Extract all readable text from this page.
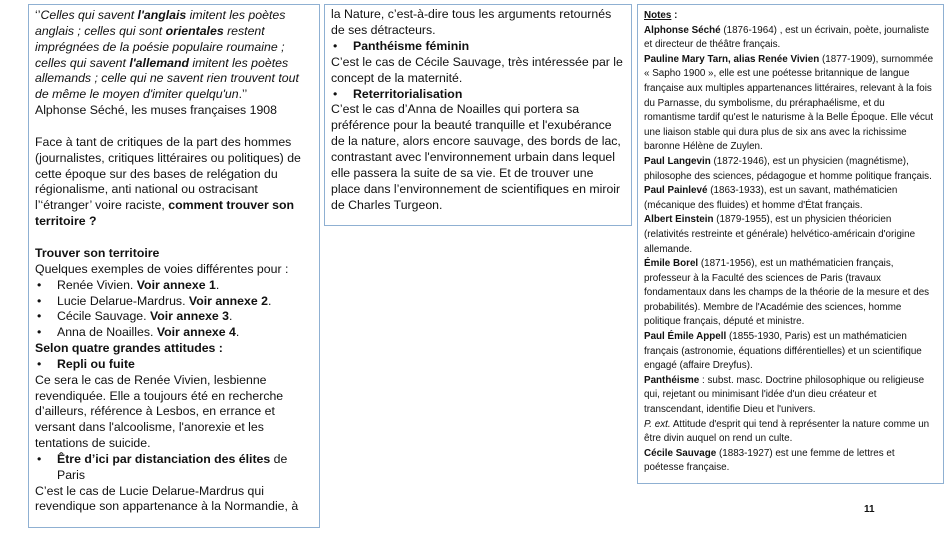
‘’Celles qui savent l'anglais imitent les poètes anglais ; celles qui sont orientales restent imprégnées de la poésie populaire roumaine ; celles qui savent l'allemand imitent les poètes allemands ; celle qui ne savent rien trouvent tout de même le moyen d'imiter quelqu'un.’’

Alphonse Séché, les muses françaises 1908

Face à tant de critiques de la part des hommes (journalistes, critiques littéraires ou politiques) de cette époque sur des bases de relégation du régionalisme, anti national ou ostracisant l’‘étranger’ voire raciste, comment trouver son territoire ?

Trouver son territoire

Quelques exemples de voies différentes pour :

• Renée Vivien. Voir annexe 1.

• Lucie Delarue-Mardrus. Voir annexe 2.

• Cécile Sauvage. Voir annexe 3.

• Anna de Noailles. Voir annexe 4.

Selon quatre grandes attitudes :

• Repli ou fuite

Ce sera le cas de Renée Vivien, lesbienne revendiquée. Elle a toujours été en recherche d’ailleurs, référence à Lesbos, en errance et versant dans l'alcoolisme, l'anorexie et les tentations de suicide.

• Être d’ici par distanciation des élites de Paris

C’est le cas de Lucie Delarue-Mardrus qui revendique son appartenance à la Normandie, à

la Nature, c’est-à-dire tous les arguments retournés de ses détracteurs.

• Panthéisme féminin

C’est le cas de Cécile Sauvage, très intéressée par le concept de la maternité.

• Reterritorialisation

C’est le cas d’Anna de Noailles qui portera sa préférence pour la beauté tranquille et l'exubérance de la nature, alors encore sauvage, des bords de lac, contrastant avec l'environnement urbain dans lequel elle passera la suite de sa vie. Et de trouver une place dans l’environnement de scientifiques en miroir de Charles Turgeon.

Notes :

Alphonse Séché (1876-1964) , est un écrivain, poète, journaliste et directeur de théâtre français.

Pauline Mary Tarn, alias Renée Vivien (1877-1909), surnommée « Sapho 1900 », elle est une poétesse britannique de langue française aux multiples appartenances littéraires, relevant à la fois du Parnasse, du symbolisme, du préraphaélisme, et du romantisme tardif qu'est le naturisme à la Belle Époque. Elle vécut une liaison stable qui dura plus de six ans avec la richissime baronne Hélène de Zuylen.

Paul Langevin (1872-1946), est un physicien (magnétisme), philosophe des sciences, pédagogue et homme politique français.

Paul Painlevé (1863-1933), est un savant, mathématicien (mécanique des fluides) et homme d'État français.

Albert Einstein (1879-1955), est un physicien théoricien (relativités restreinte et générale) helvético-américain d'origine allemande.

Émile Borel (1871-1956), est un mathématicien français, professeur à la Faculté des sciences de Paris (travaux fondamentaux dans les champs de la théorie de la mesure et des probabilités). Membre de l'Académie des sciences, homme politique français, député et ministre.

Paul Émile Appell (1855-1930, Paris) est un mathématicien français (astronomie, équations différentielles) et un scientifique engagé (affaire Dreyfus).

Panthéisme : subst. masc. Doctrine philosophique ou religieuse qui, rejetant ou minimisant l'idée d'un dieu créateur et transcendant, identifie Dieu et l'univers.

P. ext. Attitude d'esprit qui tend à représenter la nature comme un être divin auquel on rend un culte.

Cécile Sauvage (1883-1927) est une femme de lettres et poétesse française.

11
